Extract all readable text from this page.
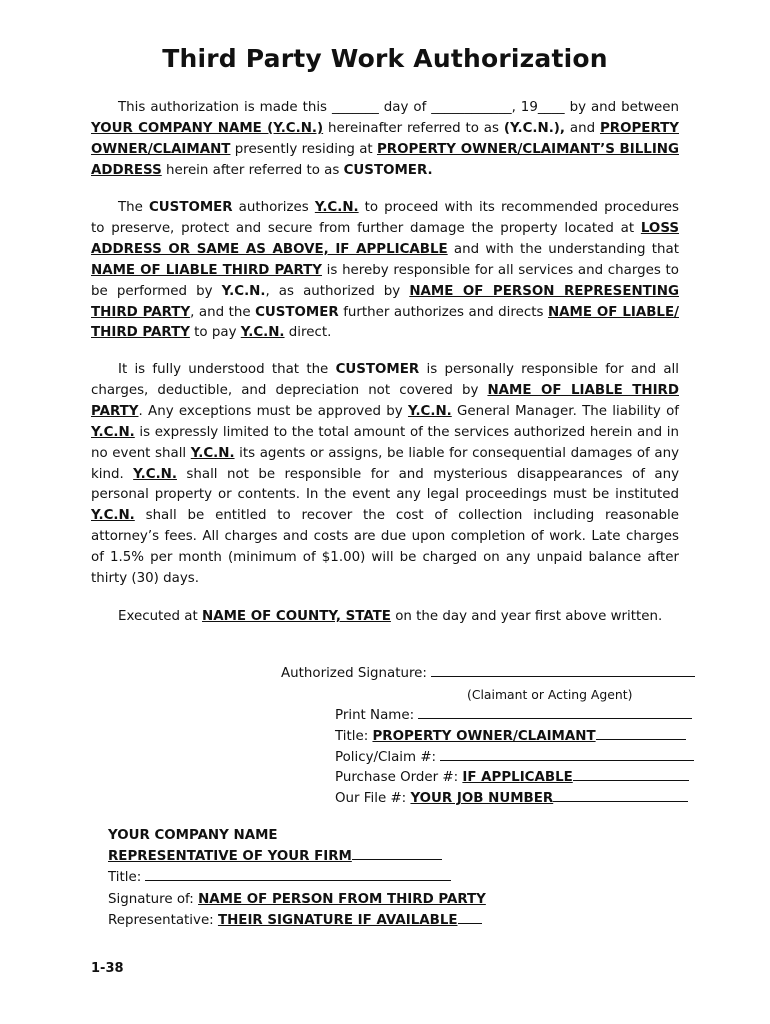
Third Party Work Authorization
This authorization is made this _______ day of ____________, 19____ by and between YOUR COMPANY NAME (Y.C.N.) hereinafter referred to as (Y.C.N.), and PROPERTY OWNER/CLAIMANT presently residing at PROPERTY OWNER/CLAIMANT’S BILLING ADDRESS herein after referred to as CUSTOMER.
The CUSTOMER authorizes Y.C.N. to proceed with its recommended procedures to preserve, protect and secure from further damage the property located at LOSS ADDRESS OR SAME AS ABOVE, IF APPLICABLE and with the understanding that NAME OF LIABLE THIRD PARTY is hereby responsible for all services and charges to be performed by Y.C.N., as authorized by NAME OF PERSON REPRESENTING THIRD PARTY, and the CUSTOMER further authorizes and directs NAME OF LIABLE/ THIRD PARTY to pay Y.C.N. direct.
It is fully understood that the CUSTOMER is personally responsible for and all charges, deductible, and depreciation not covered by NAME OF LIABLE THIRD PARTY. Any exceptions must be approved by Y.C.N. General Manager. The liability of Y.C.N. is expressly limited to the total amount of the services authorized herein and in no event shall Y.C.N. its agents or assigns, be liable for consequential damages of any kind. Y.C.N. shall not be responsible for and mysterious disappearances of any personal property or contents. In the event any legal proceedings must be instituted Y.C.N. shall be entitled to recover the cost of collection including reasonable attorney’s fees. All charges and costs are due upon completion of work. Late charges of 1.5% per month (minimum of $1.00) will be charged on any unpaid balance after thirty (30) days.
Executed at NAME OF COUNTY, STATE on the day and year first above written.
Authorized Signature:
(Claimant or Acting Agent)
Print Name:
Title: PROPERTY OWNER/CLAIMANT
Policy/Claim #:
Purchase Order #: IF APPLICABLE
Our File #: YOUR JOB NUMBER
YOUR COMPANY NAME
REPRESENTATIVE OF YOUR FIRM
Title:
Signature of: NAME OF PERSON FROM THIRD PARTY
Representative: THEIR SIGNATURE IF AVAILABLE
1-38
